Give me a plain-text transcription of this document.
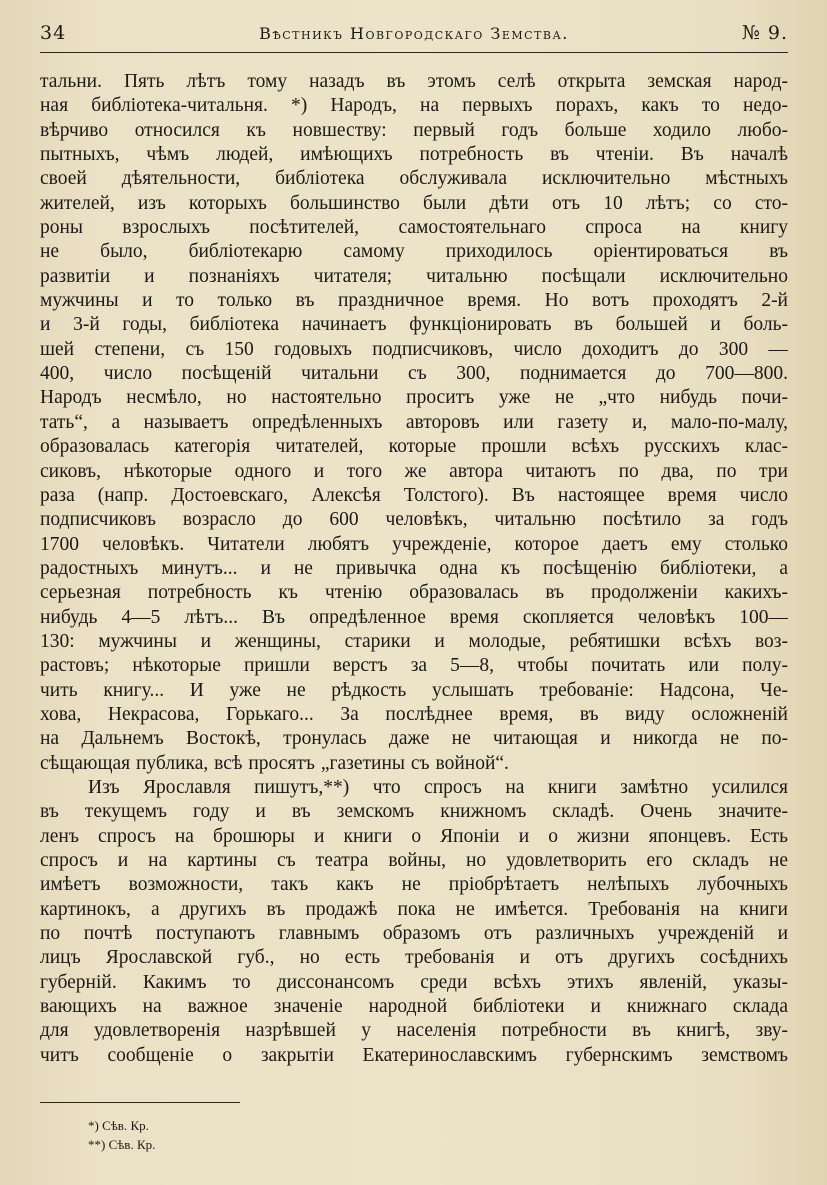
34	Вѣстникъ Новгородскаго Земства.	№ 9.
тальни. Пять лѣтъ тому назадъ въ этомъ селѣ открыта земская народ-
ная библіотека-читальня. *) Народъ, на первыхъ порахъ, какъ то недо-
вѣрчиво относился къ новшеству: первый годъ больше ходило любо-
пытныхъ, чѣмъ людей, имѣющихъ потребность въ чтеніи. Въ началѣ
своей дѣятельности, библіотека обслуживала исключительно мѣстныхъ
жителей, изъ которыхъ большинство были дѣти отъ 10 лѣтъ; со сто-
роны взрослыхъ посѣтителей, самостоятельнаго спроса на книгу
не было, библіотекарю самому приходилось оріентироваться въ
развитіи и познаніяхъ читателя; читальню посѣщали исключительно
мужчины и то только въ праздничное время. Но вотъ проходятъ 2-й
и 3-й годы, библіотека начинаетъ функціонировать въ большей и боль-
шей степени, съ 150 годовыхъ подписчиковъ, число доходитъ до 300 —
400, число посѣщеній читальни съ 300, поднимается до 700—800.
Народъ несмѣло, но настоятельно проситъ уже не „что нибудь почи-
тать“, а называетъ опредѣленныхъ авторовъ или газету и, мало-по-малу,
образовалась категорія читателей, которые прошли всѣхъ русскихъ клас-
сиковъ, нѣкоторые одного и того же автора читаютъ по два, по три
раза (напр. Достоевскаго, Алексѣя Толстого). Въ настоящее время число
подписчиковъ возрасло до 600 человѣкъ, читальню посѣтило за годъ
1700 человѣкъ. Читатели любятъ учрежденіе, которое даетъ ему столько
радостныхъ минутъ... и не привычка одна къ посѣщенію библіотеки, а
серьезная потребность къ чтенію образовалась въ продолженіи какихъ-
нибудь 4—5 лѣтъ... Въ опредѣленное время скопляется человѣкъ 100—
130: мужчины и женщины, старики и молодые, ребятишки всѣхъ воз-
растовъ; нѣкоторые пришли верстъ за 5—8, чтобы почитать или полу-
чить книгу... И уже не рѣдкость услышать требованіе: Надсона, Че-
хова, Некрасова, Горькаго... За послѣднее время, въ виду осложненій
на Дальнемъ Востокѣ, тронулась даже не читающая и никогда не по-
сѣщающая публика, всѣ просятъ „газетины съ войной“.
Изъ Ярославля пишутъ,**) что спросъ на книги замѣтно усилился
въ текущемъ году и въ земскомъ книжномъ складѣ. Очень значите-
ленъ спросъ на брошюры и книги о Японіи и о жизни японцевъ. Есть
спросъ и на картины съ театра войны, но удовлетворить его складъ не
имѣетъ возможности, такъ какъ не пріобрѣтаетъ нелѣпыхъ лубочныхъ
картинокъ, а другихъ въ продажѣ пока не имѣется. Требованія на книги
по почтѣ поступаютъ главнымъ образомъ отъ различныхъ учрежденій и
лицъ Ярославской губ., но есть требованія и отъ другихъ сосѣднихъ
губерній. Какимъ то диссонансомъ среди всѣхъ этихъ явленій, указы-
вающихъ на важное значеніе народной библіотеки и книжнаго склада
для удовлетворенія назрѣвшей у населенія потребности въ книгѣ, зву-
читъ сообщеніе о закрытіи Екатеринославскимъ губернскимъ земствомъ
*) Сѣв. Кр.
**) Сѣв. Кр.
